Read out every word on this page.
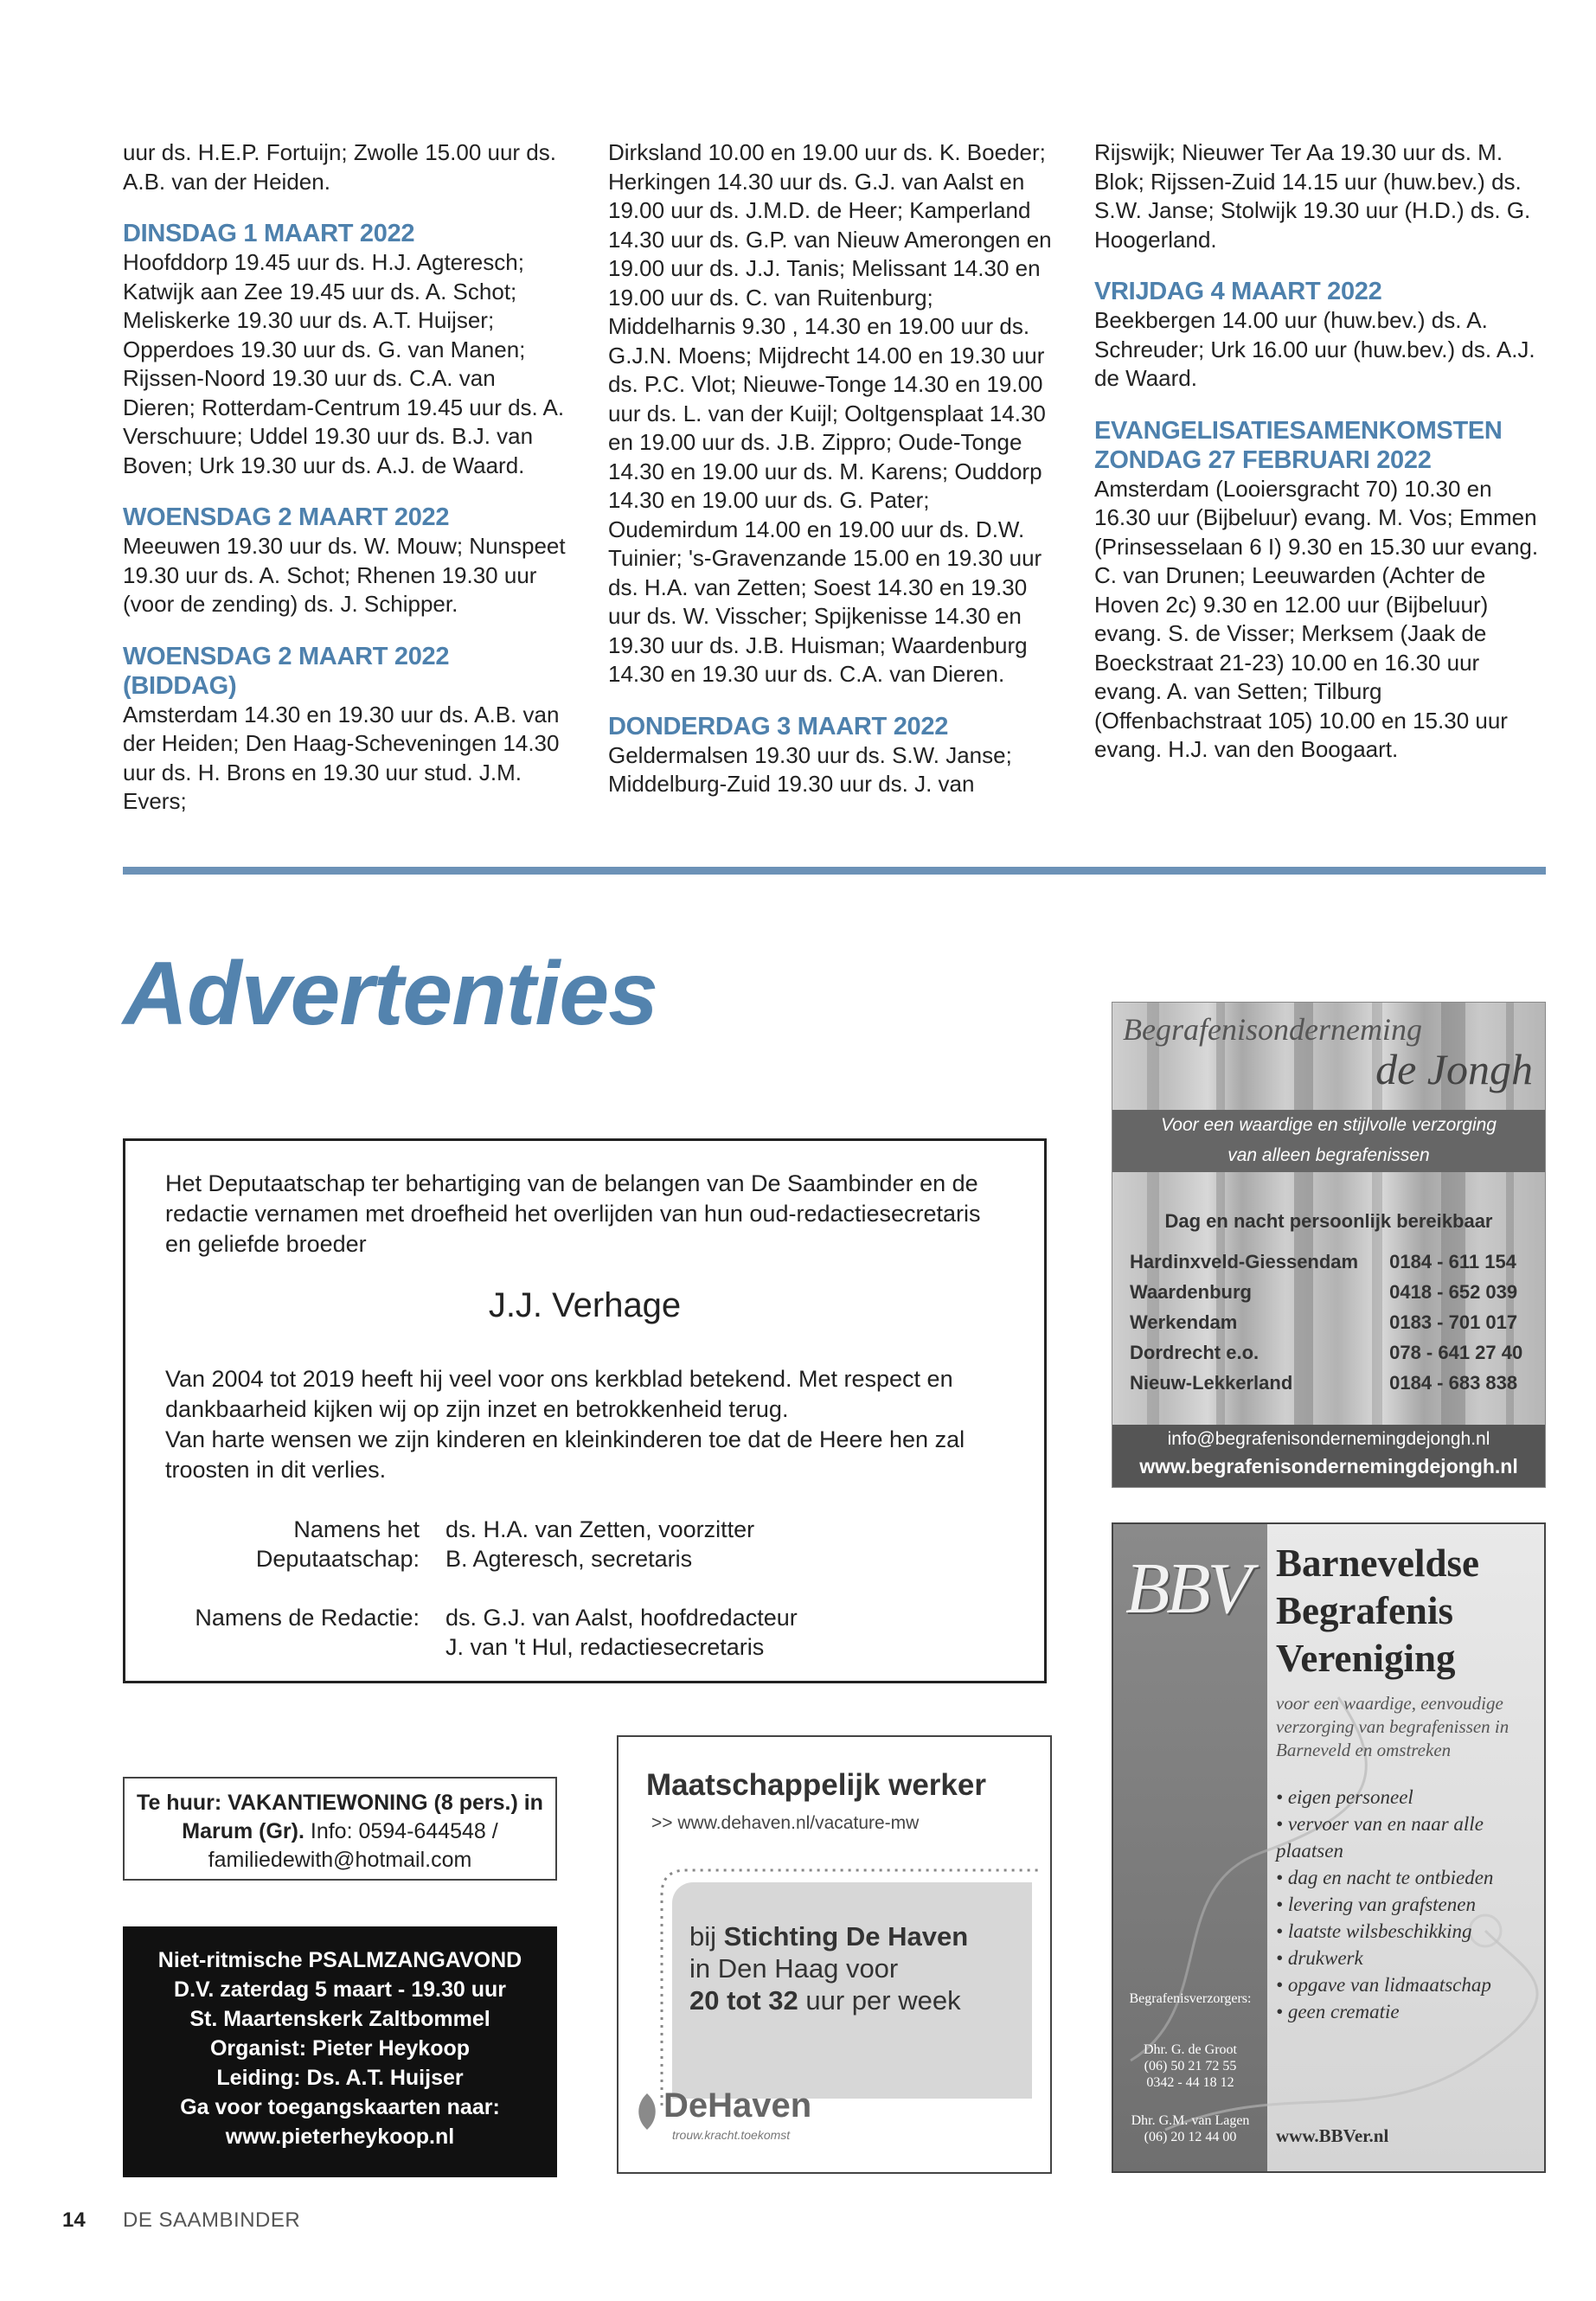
uur ds. H.E.P. Fortuijn; Zwolle 15.00 uur ds. A.B. van der Heiden.

DINSDAG 1 MAART 2022

Hoofddorp 19.45 uur ds. H.J. Agteresch; Katwijk aan Zee 19.45 uur ds. A. Schot; Meliskerke 19.30 uur ds. A.T. Huijser; Opperdoes 19.30 uur ds. G. van Manen; Rijssen-Noord 19.30 uur ds. C.A. van Dieren; Rotterdam-Centrum 19.45 uur ds. A. Verschuure; Uddel 19.30 uur ds. B.J. van Boven; Urk 19.30 uur ds. A.J. de Waard.

WOENSDAG 2 MAART 2022

Meeuwen 19.30 uur ds. W. Mouw; Nunspeet 19.30 uur ds. A. Schot; Rhenen 19.30 uur (voor de zending) ds. J. Schipper.

WOENSDAG 2 MAART 2022 (BIDDAG)

Amsterdam 14.30 en 19.30 uur ds. A.B. van der Heiden; Den Haag-Scheveningen 14.30 uur ds. H. Brons en 19.30 uur stud. J.M. Evers;

Dirksland 10.00 en 19.00 uur ds. K. Boeder; Herkingen 14.30 uur ds. G.J. van Aalst en 19.00 uur ds. J.M.D. de Heer; Kamperland 14.30 uur ds. G.P. van Nieuw Amerongen en 19.00 uur ds. J.J. Tanis; Melissant 14.30 en 19.00 uur ds. C. van Ruitenburg; Middelharnis 9.30 , 14.30 en 19.00 uur ds. G.J.N. Moens; Mijdrecht 14.00 en 19.30 uur ds. P.C. Vlot; Nieuwe-Tonge 14.30 en 19.00 uur ds. L. van der Kuijl; Ooltgensplaat 14.30 en 19.00 uur ds. J.B. Zippro; Oude-Tonge 14.30 en 19.00 uur ds. M. Karens; Ouddorp 14.30 en 19.00 uur ds. G. Pater; Oudemirdum 14.00 en 19.00 uur ds. D.W. Tuinier; 's-Gravenzande 15.00 en 19.30 uur ds. H.A. van Zetten; Soest 14.30 en 19.30 uur ds. W. Visscher; Spijkenisse 14.30 en 19.30 uur ds. J.B. Huisman; Waardenburg 14.30 en 19.30 uur ds. C.A. van Dieren.

DONDERDAG 3 MAART 2022

Geldermalsen 19.30 uur ds. S.W. Janse; Middelburg-Zuid 19.30 uur ds. J. van

Rijswijk; Nieuwer Ter Aa 19.30 uur ds. M. Blok; Rijssen-Zuid 14.15 uur (huw.bev.) ds. S.W. Janse; Stolwijk 19.30 uur (H.D.) ds. G. Hoogerland.

VRIJDAG 4 MAART 2022

Beekbergen 14.00 uur (huw.bev.) ds. A. Schreuder; Urk 16.00 uur (huw.bev.) ds. A.J. de Waard.

EVANGELISATIESAMENKOMSTEN
ZONDAG 27 FEBRUARI 2022

Amsterdam (Looiersgracht 70) 10.30 en 16.30 uur (Bijbeluur) evang. M. Vos; Emmen (Prinsesselaan 6 I) 9.30 en 15.30 uur evang. C. van Drunen; Leeuwarden (Achter de Hoven 2c) 9.30 en 12.00 uur (Bijbeluur) evang. S. de Visser; Merksem (Jaak de Boeckstraat 21-23) 10.00 en 16.30 uur evang. A. van Setten; Tilburg (Offenbachstraat 105) 10.00 en 15.30 uur evang. H.J. van den Boogaart.

Advertenties

Het Deputaatschap ter behartiging van de belangen van De Saambinder en de redactie vernamen met droefheid het overlijden van hun oud-redactiesecretaris en geliefde broeder

J.J. Verhage

Van 2004 tot 2019 heeft hij veel voor ons kerkblad betekend. Met respect en dankbaarheid kijken wij op zijn inzet en betrokkenheid terug.
Van harte wensen we zijn kinderen en kleinkinderen toe dat de Heere hen zal troosten in dit verlies.

Namens het Deputaatschap:
ds. H.A. van Zetten, voorzitter
B. Agteresch, secretaris
Namens de Redactie: ds. G.J. van Aalst, hoofdredacteur
J. van 't Hul, redactiesecretaris
Begrafenisonderneming
de Jongh
Voor een waardige en stijlvolle verzorging
van alleen begrafenissen
Dag en nacht persoonlijk bereikbaar
Hardinxveld-Giessendam	0184 - 611 154
Waardenburg	0418 - 652 039
Werkendam	0183 - 701 017
Dordrecht e.o.	078 - 641 27 40
Nieuw-Lekkerland	0184 - 683 838
info@begrafenisondernemingdejongh.nl
www.begrafenisondernemingdejongh.nl
BBV Barneveldse
Begrafenis
Vereniging

voor een waardige, eenvoudige verzorging van begrafenissen in Barneveld en omstreken

• eigen personeel
• vervoer van en naar alle plaatsen
• dag en nacht te ontbieden
• levering van grafstenen
• laatste wilsbeschikking
• drukwerk
• opgave van lidmaatschap
• geen crematie
Begrafenisverzorgers:
Dhr. G. de Groot
(06) 50 21 72 55
0342 - 44 18 12
Dhr. G.M. van Lagen
(06) 20 12 44 00	www.BBVer.nl
Te huur: VAKANTIEWONING (8 pers.) in Marum (Gr). Info: 0594-644548 / familiedewith@hotmail.com

Niet-ritmische PSALMZANGAVOND

D.V. zaterdag 5 maart - 19.30 uur

St. Maartenskerk Zaltbommel

Organist: Pieter Heykoop

Leiding: Ds. A.T. Huijser

Ga voor toegangskaarten naar:

www.pieterheykoop.nl

Maatschappelijk werker

>> www.dehaven.nl/vacature-mw

bij Stichting De Haven
in Den Haag voor
20 tot 32 uur per week

DeHaven
trouw.kracht.toekomst
14 DE SAAMBINDER
